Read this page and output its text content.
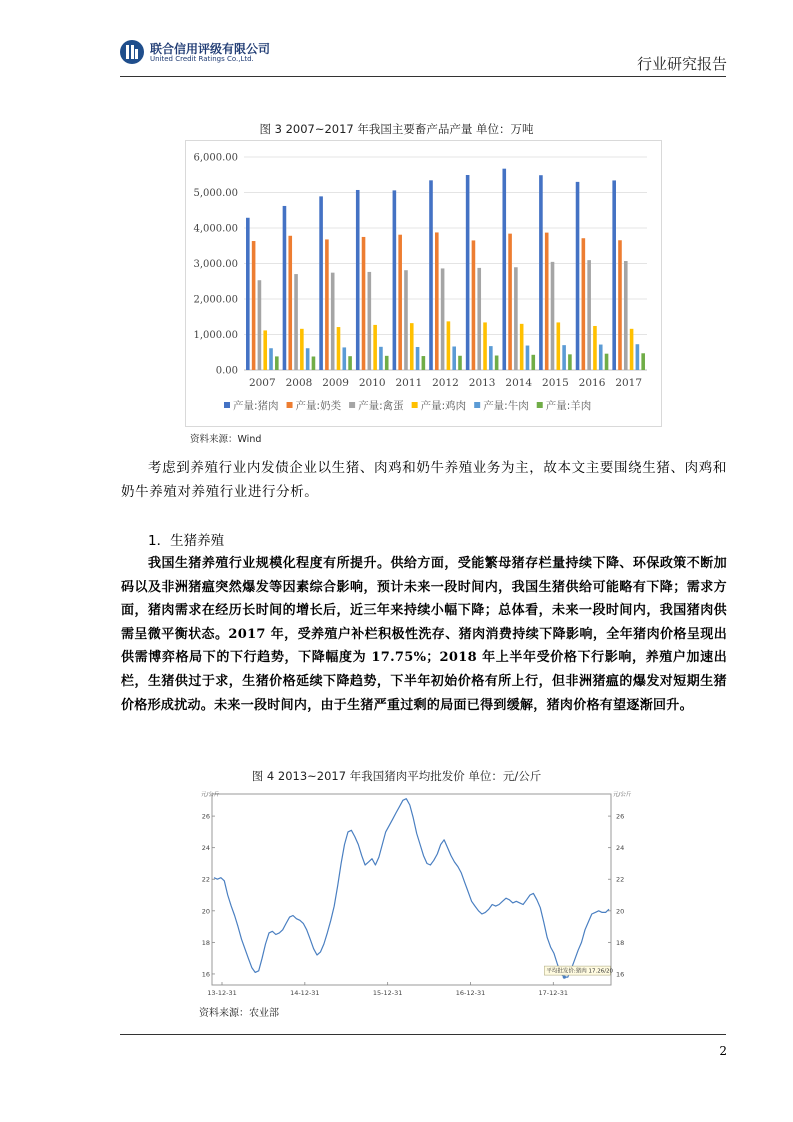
联合信用评级有限公司
United Credit Ratings Co.,Ltd.	行业研究报告
图 3 2007~2017 年我国主要畜产品产量 单位：万吨
0.00
1,000.00
2,000.00
3,000.00
4,000.00
5,000.00
6,000.00
2007 2008 2009 2010 2011 2012 2013 2014 2015 2016 2017
产量:猪肉 产量:奶类 产量:禽蛋 产量:鸡肉 产量:牛肉 产量:羊肉
资料来源：Wind
考虑到养殖行业内发债企业以生猪、肉鸡和奶牛养殖业务为主，故本文主要围绕生猪、肉鸡和奶牛养殖对养殖行业进行分析。
1．生猪养殖
我国生猪养殖行业规模化程度有所提升。供给方面，受能繁母猪存栏量持续下降、环保政策不断加码以及非洲猪瘟突然爆发等因素综合影响，预计未来一段时间内，我国生猪供给可能略有下降；需求方面，猪肉需求在经历长时间的增长后，近三年来持续小幅下降；总体看，未来一段时间内，我国猪肉供需呈微平衡状态。2017 年，受养殖户补栏积极性洗存、猪肉消费持续下降影响，全年猪肉价格呈现出供需博弈格局下的下行趋势，下降幅度为 17.75%；2018 年上半年受价格下行影响，养殖户加速出栏，生猪供过于求，生猪价格延续下降趋势，下半年初始价格有所上行，但非洲猪瘟的爆发对短期生猪价格形成扰动。未来一段时间内，由于生猪严重过剩的局面已得到缓解，猪肉价格有望逐渐回升。
图 4 2013~2017 年我国猪肉平均批发价 单位：元/公斤
元/公斤	元/公斤
16	16
18	18
20	20
22	22
24	24
26	26
13-12-31	14-12-31	15-12-31	16-12-31	17-12-31
平均批发价:猪肉 17.26/20
资料来源：农业部
2
